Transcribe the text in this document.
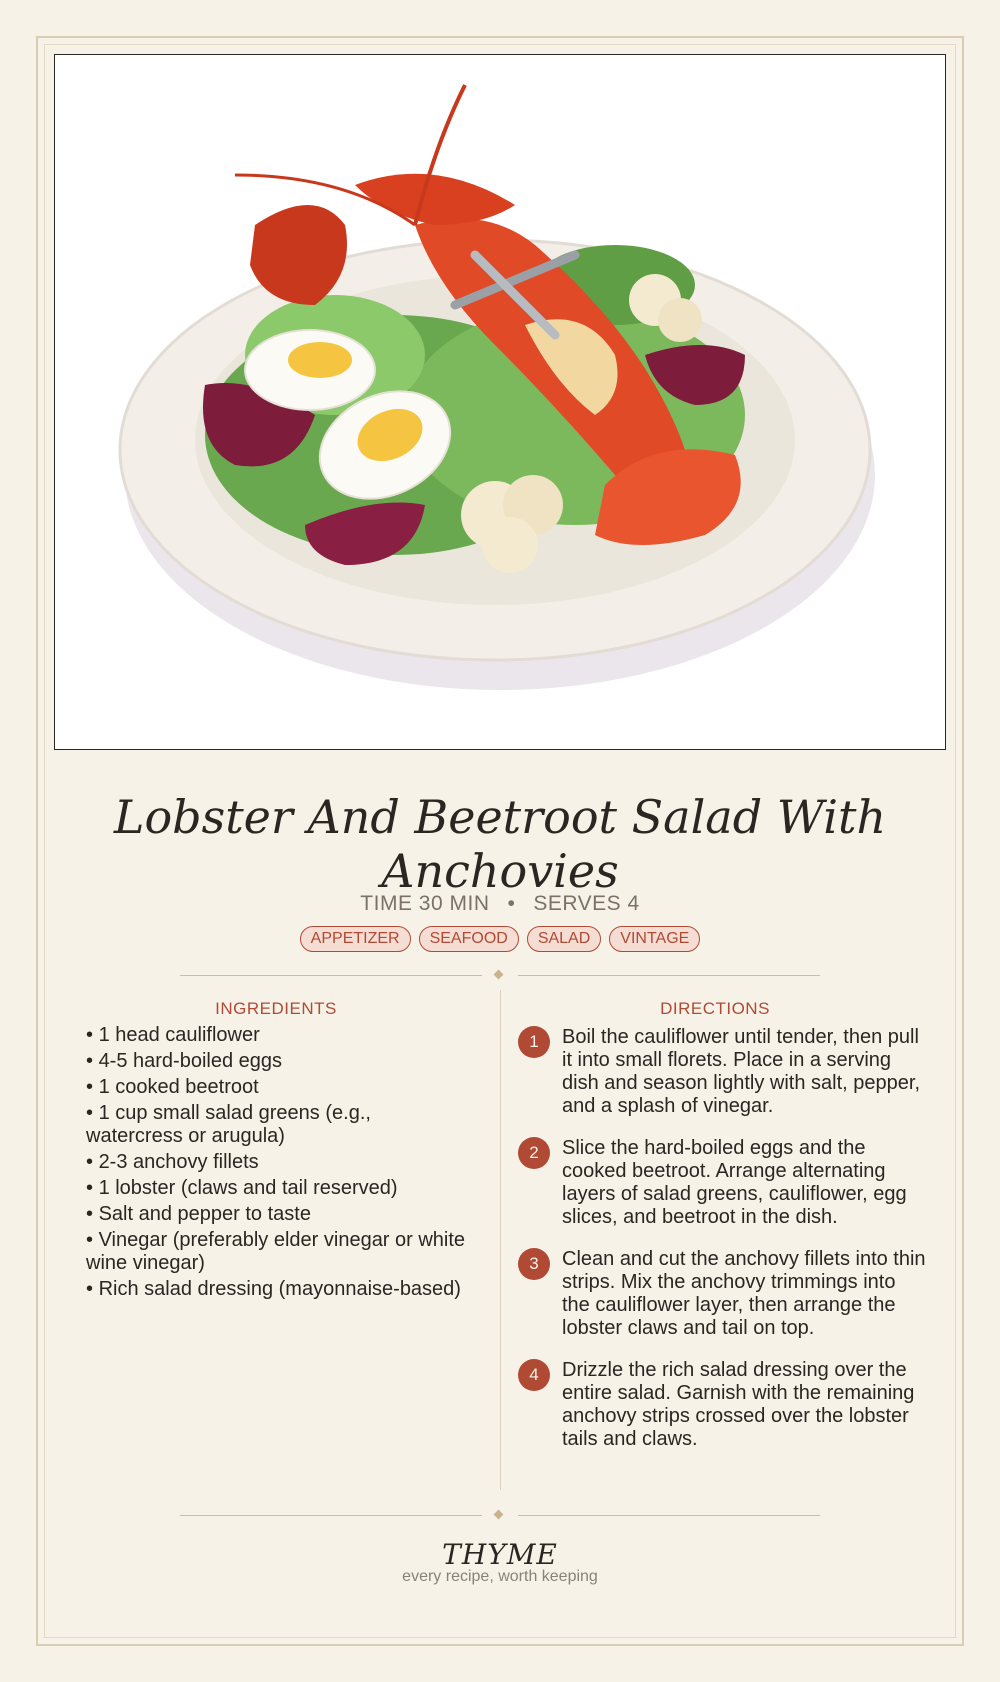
Lobster And Beetroot Salad With Anchovies
TIME 30 MIN • SERVES 4
APPETIZER	SEAFOOD	SALAD	VINTAGE
INGREDIENTS	DIRECTIONS
• 1 head cauliflower
• 4-5 hard-boiled eggs
• 1 cooked beetroot
• 1 cup small salad greens (e.g., watercress or arugula)
• 2-3 anchovy fillets
• 1 lobster (claws and tail reserved)
• Salt and pepper to taste
• Vinegar (preferably elder vinegar or white wine vinegar)
• Rich salad dressing (mayonnaise-based)
1	Boil the cauliflower until tender, then pull it into small florets. Place in a serving dish and season lightly with salt, pepper, and a splash of vinegar.
2	Slice the hard-boiled eggs and the cooked beetroot. Arrange alternating layers of salad greens, cauliflower, egg slices, and beetroot in the dish.
3	Clean and cut the anchovy fillets into thin strips. Mix the anchovy trimmings into the cauliflower layer, then arrange the lobster claws and tail on top.
4	Drizzle the rich salad dressing over the entire salad. Garnish with the remaining anchovy strips crossed over the lobster tails and claws.
THYME
every recipe, worth keeping
